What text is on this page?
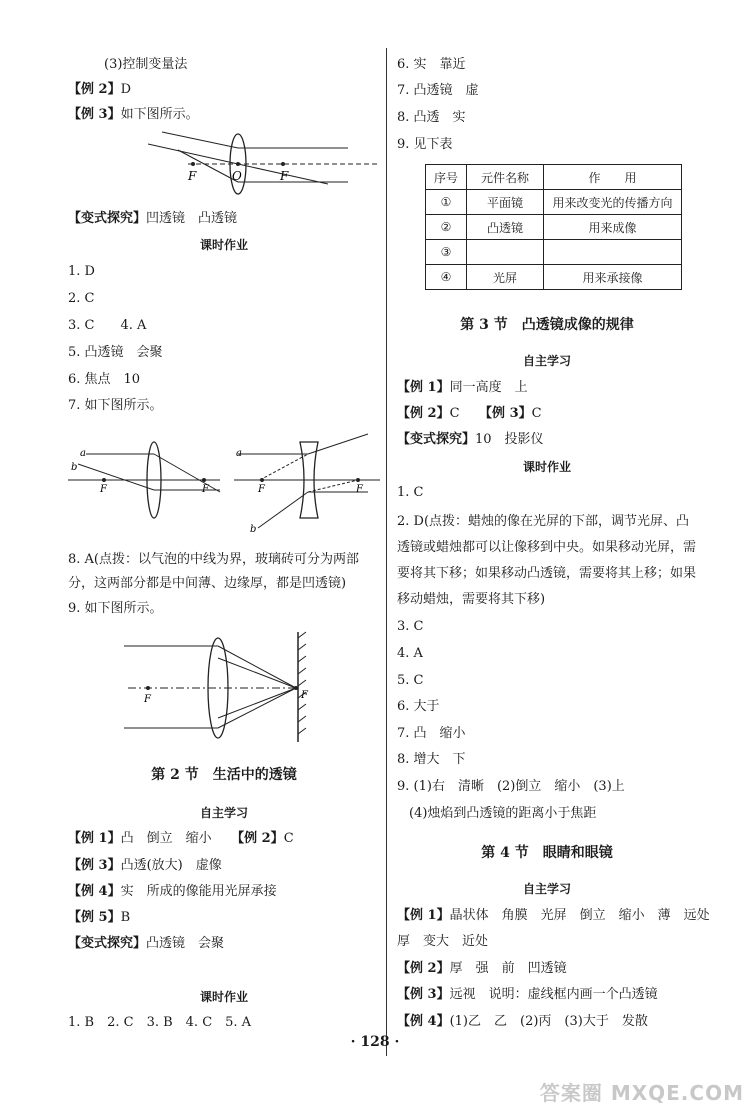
(3)控制变量法
【例 2】D
【例 3】如下图所示。
F	O	F
【变式探究】凹透镜　凸透镜
课时作业
1. D
2. C
3. C　　4. A
5. 凸透镜　会聚
6. 焦点　10
7. 如下图所示。
a
b
F	F
a
b
F	F
8. A(点拨：以气泡的中线为界，玻璃砖可分为两部分，这两部分都是中间薄、边缘厚，都是凹透镜)
9. 如下图所示。
F	F
第 2 节　生活中的透镜
自主学习
【例 1】凸　倒立　缩小　　 【例 2】C
【例 3】凸透(放大)　虚像
【例 4】实　所成的像能用光屏承接
【例 5】B
【变式探究】凸透镜　会聚
课时作业
1. B　2. C　3. B　4. C　5. A
6. 实　靠近
7. 凸透镜　虚
8. 凸透　实
9. 见下表
序号	元件名称	作　　用
①	平面镜	用来改变光的传播方向
②	凸透镜	用来成像
③		
④	光屏	用来承接像
第 3 节　凸透镜成像的规律
自主学习
【例 1】同一高度　上
【例 2】C　　 【例 3】C
【变式探究】10　投影仪
课时作业
1. C
2. D(点拨：蜡烛的像在光屏的下部，调节光屏、凸透镜或蜡烛都可以让像移到中央。如果移动光屏，需要将其下移；如果移动凸透镜，需要将其上移；如果移动蜡烛，需要将其下移)
3. C
4. A
5. C
6. 大于
7. 凸　缩小
8. 增大　下
9. (1)右　清晰　(2)倒立　缩小　(3)上
(4)烛焰到凸透镜的距离小于焦距
第 4 节　眼睛和眼镜
自主学习
【例 1】晶状体　角膜　光屏　倒立　缩小　薄　远处
厚　变大　近处
【例 2】厚　强　前　凹透镜
【例 3】远视　说明：虚线框内画一个凸透镜
【例 4】(1)乙　乙　(2)丙　(3)大于　发散
· 128 ·
答案圈 MXQE.COM
